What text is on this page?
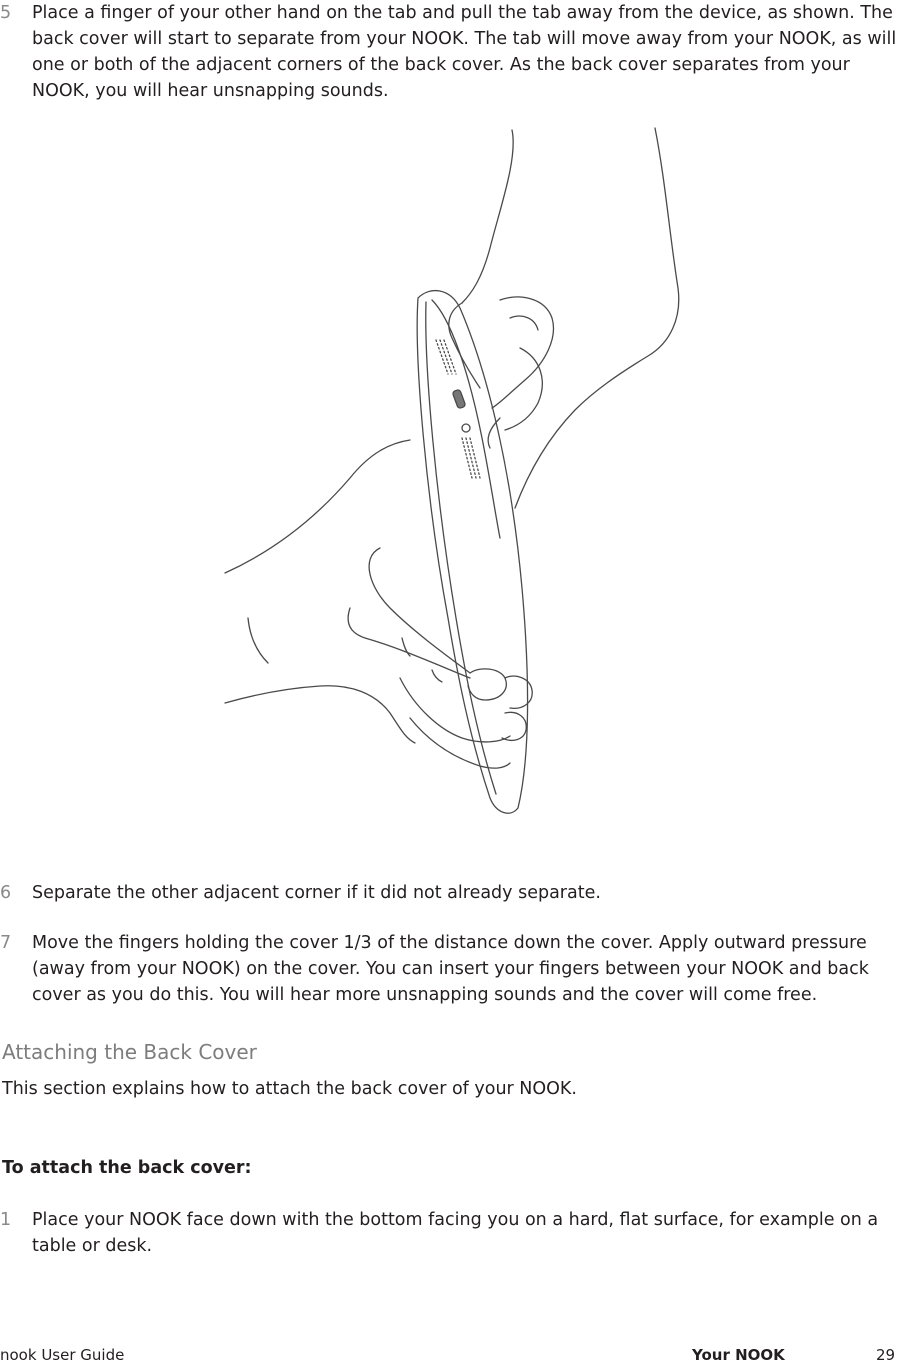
5 Place a finger of your other hand on the tab and pull the tab away from the device, as shown. The back cover will start to separate from your NOOK. The tab will move away from your NOOK, as will one or both of the adjacent corners of the back cover. As the back cover separates from your NOOK, you will hear unsnapping sounds.
6 Separate the other adjacent corner if it did not already separate.
7 Move the fingers holding the cover 1/3 of the distance down the cover. Apply outward pressure (away from your NOOK) on the cover. You can insert your fingers between your NOOK and back cover as you do this. You will hear more unsnapping sounds and the cover will come free.
Attaching the Back Cover
This section explains how to attach the back cover of your NOOK.
To attach the back cover:
1 Place your NOOK face down with the bottom facing you on a hard, flat surface, for example on a table or desk.
nook User Guide	Your NOOK	29
